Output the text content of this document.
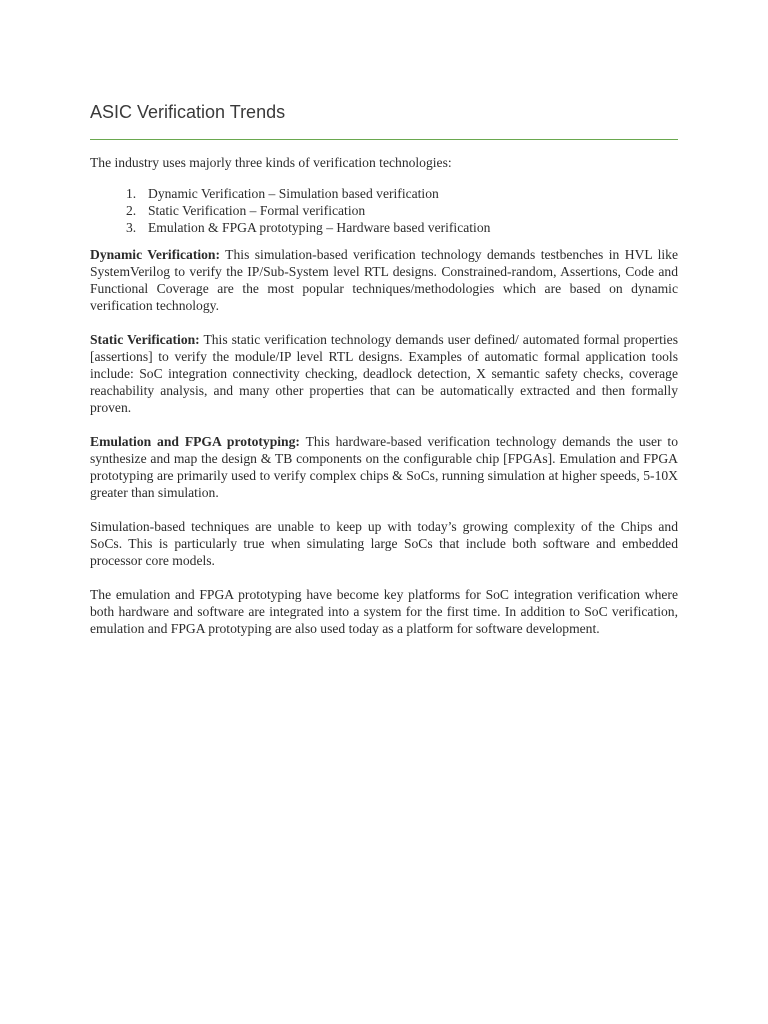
ASIC Verification Trends

The industry uses majorly three kinds of verification technologies:

1. Dynamic Verification – Simulation based verification
2. Static Verification – Formal verification
3. Emulation & FPGA prototyping – Hardware based verification

Dynamic Verification: This simulation-based verification technology demands testbenches in HVL like SystemVerilog to verify the IP/Sub-System level RTL designs. Constrained-random, Assertions, Code and Functional Coverage are the most popular techniques/methodologies which are based on dynamic verification technology.

Static Verification: This static verification technology demands user defined/ automated formal properties [assertions] to verify the module/IP level RTL designs. Examples of automatic formal application tools include: SoC integration connectivity checking, deadlock detection, X semantic safety checks, coverage reachability analysis, and many other properties that can be automatically extracted and then formally proven.

Emulation and FPGA prototyping: This hardware-based verification technology demands the user to synthesize and map the design & TB components on the configurable chip [FPGAs]. Emulation and FPGA prototyping are primarily used to verify complex chips & SoCs, running simulation at higher speeds, 5-10X greater than simulation.

Simulation-based techniques are unable to keep up with today’s growing complexity of the Chips and SoCs. This is particularly true when simulating large SoCs that include both software and embedded processor core models.

The emulation and FPGA prototyping have become key platforms for SoC integration verification where both hardware and software are integrated into a system for the first time. In addition to SoC verification, emulation and FPGA prototyping are also used today as a platform for software development.
